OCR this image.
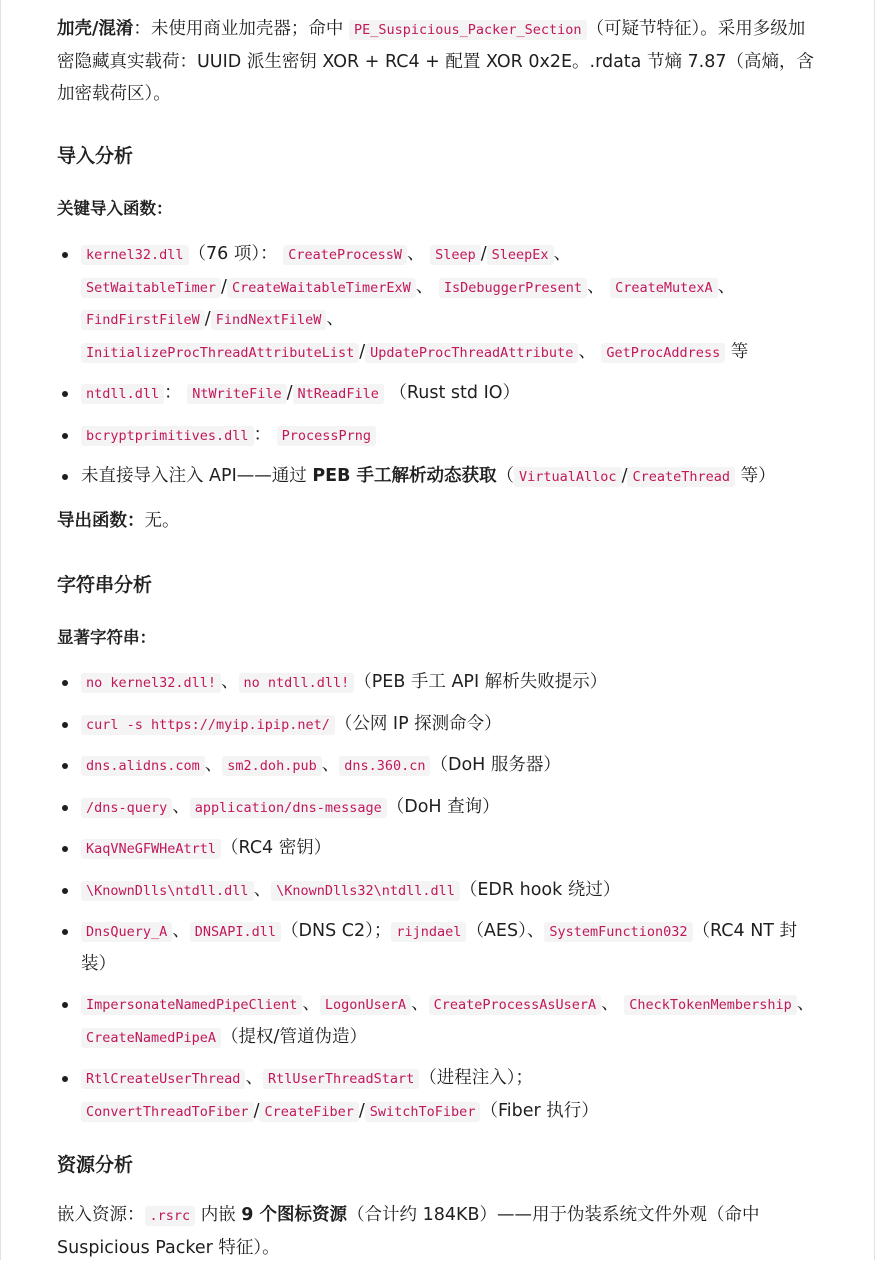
加壳/混淆：未使用商业加壳器；命中 PE_Suspicious_Packer_Section （可疑节特征）。采用多级加密隐藏真实载荷：UUID 派生密钥 XOR + RC4 + 配置 XOR 0x2E。.rdata 节熵 7.87（高熵，含加密载荷区）。

导入分析
关键导入函数：
kernel32.dll （76 项）： CreateProcessW 、 Sleep / SleepEx 、 SetWaitableTimer / CreateWaitableTimerExW 、 IsDebuggerPresent 、 CreateMutexA 、 FindFirstFileW / FindNextFileW 、 InitializeProcThreadAttributeList / UpdateProcThreadAttribute 、 GetProcAddress 等
ntdll.dll ： NtWriteFile / NtReadFile （Rust std IO）
bcryptprimitives.dll ： ProcessPrng
未直接导入注入 API——通过 PEB 手工解析动态获取（ VirtualAlloc / CreateThread 等）

导出函数：无。

字符串分析
显著字符串：
no kernel32.dll! 、 no ntdll.dll! （PEB 手工 API 解析失败提示）
curl -s https://myip.ipip.net/ （公网 IP 探测命令）
dns.alidns.com 、 sm2.doh.pub 、 dns.360.cn （DoH 服务器）
/dns-query 、 application/dns-message （DoH 查询）
KaqVNeGFWHeAtrtl （RC4 密钥）
\KnownDlls\ntdll.dll 、 \KnownDlls32\ntdll.dll （EDR hook 绕过）
DnsQuery_A 、 DNSAPI.dll （DNS C2）； rijndael （AES）、 SystemFunction032 （RC4 NT 封装）
ImpersonateNamedPipeClient 、 LogonUserA 、 CreateProcessAsUserA 、 CheckTokenMembership 、CreateNamedPipeA （提权/管道伪造）
RtlCreateUserThread 、 RtlUserThreadStart （进程注入）； ConvertThreadToFiber / CreateFiber / SwitchToFiber （Fiber 执行）
资源分析

嵌入资源： .rsrc 内嵌 9 个图标资源（合计约 184KB）——用于伪装系统文件外观（命中 Suspicious Packer 特征）。
